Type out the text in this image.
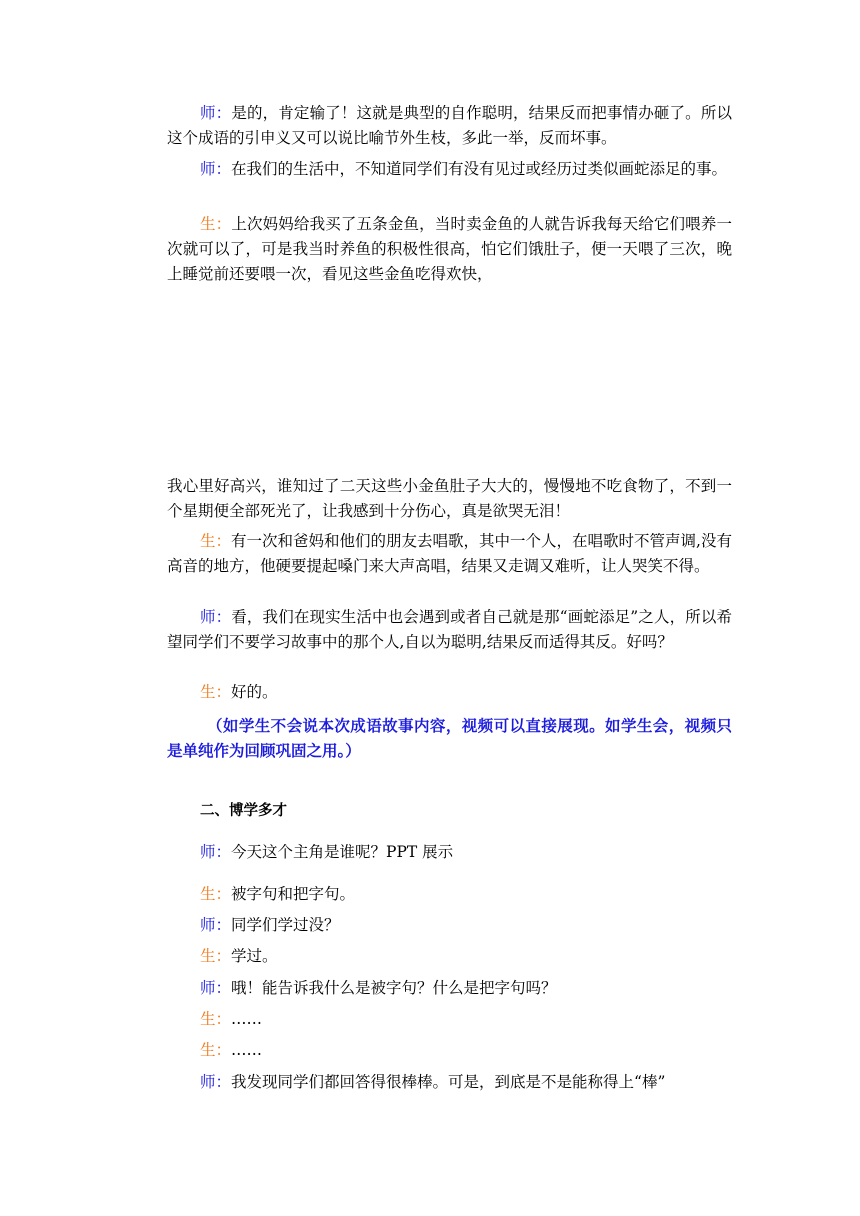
师：是的，肯定输了！这就是典型的自作聪明，结果反而把事情办砸了。所以这个成语的引申义又可以说比喻节外生枝，多此一举，反而坏事。

师：在我们的生活中，不知道同学们有没有见过或经历过类似画蛇添足的事。

生：上次妈妈给我买了五条金鱼，当时卖金鱼的人就告诉我每天给它们喂养一次就可以了，可是我当时养鱼的积极性很高，怕它们饿肚子，便一天喂了三次，晚上睡觉前还要喂一次，看见这些金鱼吃得欢快，

我心里好高兴，谁知过了二天这些小金鱼肚子大大的，慢慢地不吃食物了，不到一个星期便全部死光了，让我感到十分伤心，真是欲哭无泪！

生：有一次和爸妈和他们的朋友去唱歌，其中一个人，在唱歌时不管声调,没有高音的地方，他硬要提起嗓门来大声高唱，结果又走调又难听，让人哭笑不得。

师：看，我们在现实生活中也会遇到或者自己就是那“画蛇添足”之人，所以希望同学们不要学习故事中的那个人,自以为聪明,结果反而适得其反。好吗？

生：好的。

（如学生不会说本次成语故事内容，视频可以直接展现。如学生会，视频只是单纯作为回顾巩固之用。）

二、博学多才

师：今天这个主角是谁呢？PPT 展示

生：被字句和把字句。

师：同学们学过没？

生：学过。

师：哦！能告诉我什么是被字句？什么是把字句吗？

生：……

生：……

师：我发现同学们都回答得很棒棒。可是，到底是不是能称得上“棒”
